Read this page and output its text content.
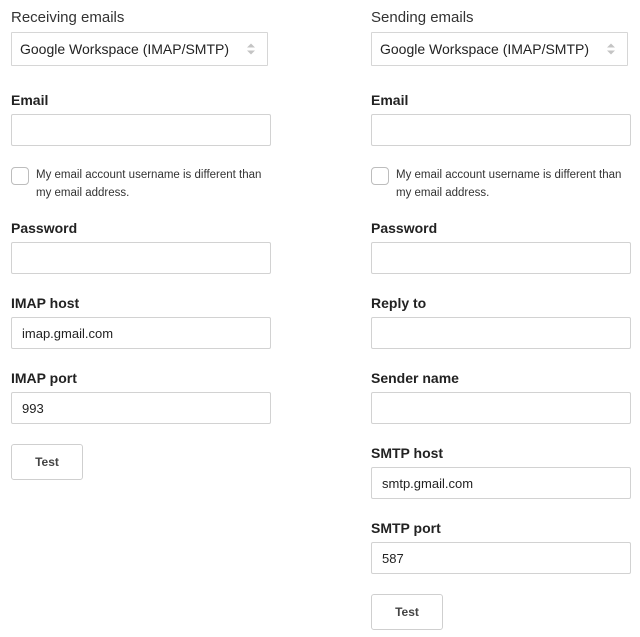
Receiving emails
Google Workspace (IMAP/SMTP)
Email
My email account username is different than my email address.
Password
IMAP host
imap.gmail.com
IMAP port
993
Test
Sending emails
Google Workspace (IMAP/SMTP)
Email
My email account username is different than my email address.
Password
Reply to
Sender name
SMTP host
smtp.gmail.com
SMTP port
587
Test
